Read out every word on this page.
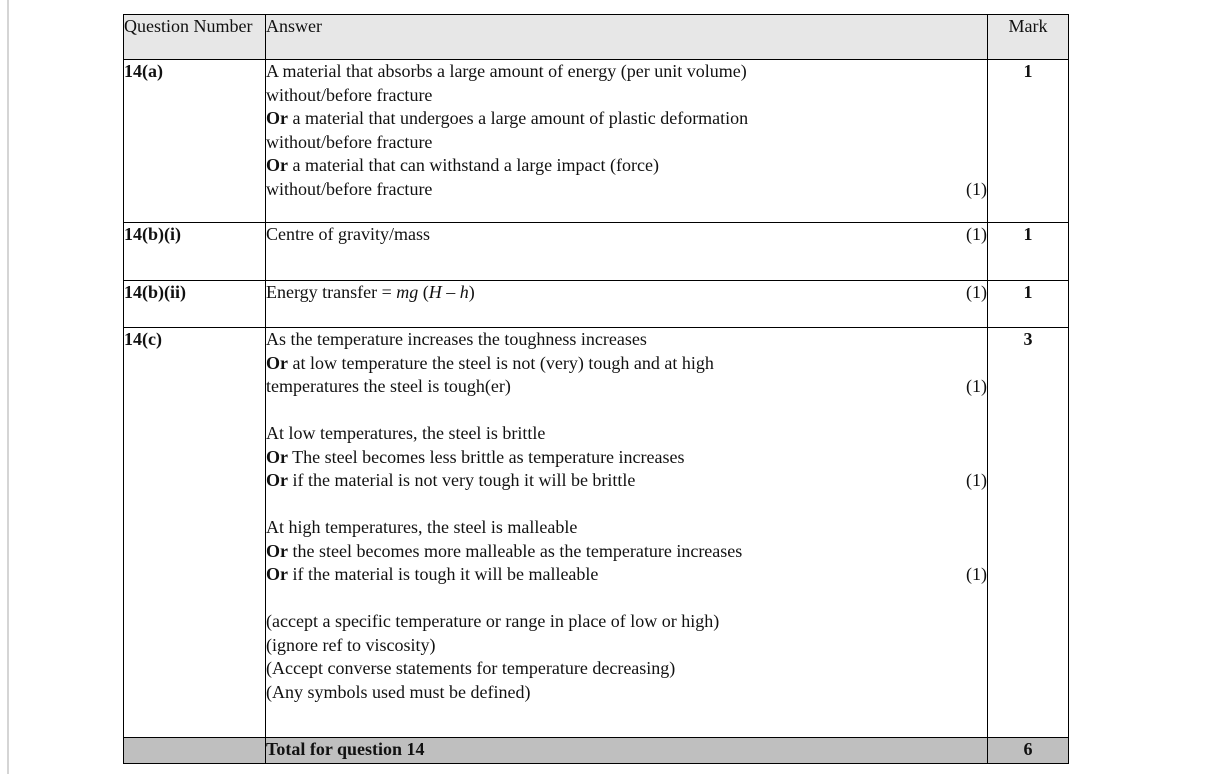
Question Number	Answer	Mark
14(a)	A material that absorbs a large amount of energy (per unit volume)
without/before fracture
Or a material that undergoes a large amount of plastic deformation
without/before fracture
Or a material that can withstand a large impact (force)
without/before fracture	(1)
	1
14(b)(i)	Centre of gravity/mass (1)	1
14(b)(ii)	Energy transfer = mg (H – h) (1)	1
14(c)	As the temperature increases the toughness increases
Or at low temperature the steel is not (very) tough and at high
temperatures the steel is tough(er)	(1)
At low temperatures, the steel is brittle
Or The steel becomes less brittle as temperature increases
Or if the material is not very tough it will be brittle	(1)
At high temperatures, the steel is malleable
Or the steel becomes more malleable as the temperature increases
Or if the material is tough it will be malleable	(1)
(accept a specific temperature or range in place of low or high)
(ignore ref to viscosity)
(Accept converse statements for temperature decreasing)
(Any symbols used must be defined)
	3
	Total for question 14	6
